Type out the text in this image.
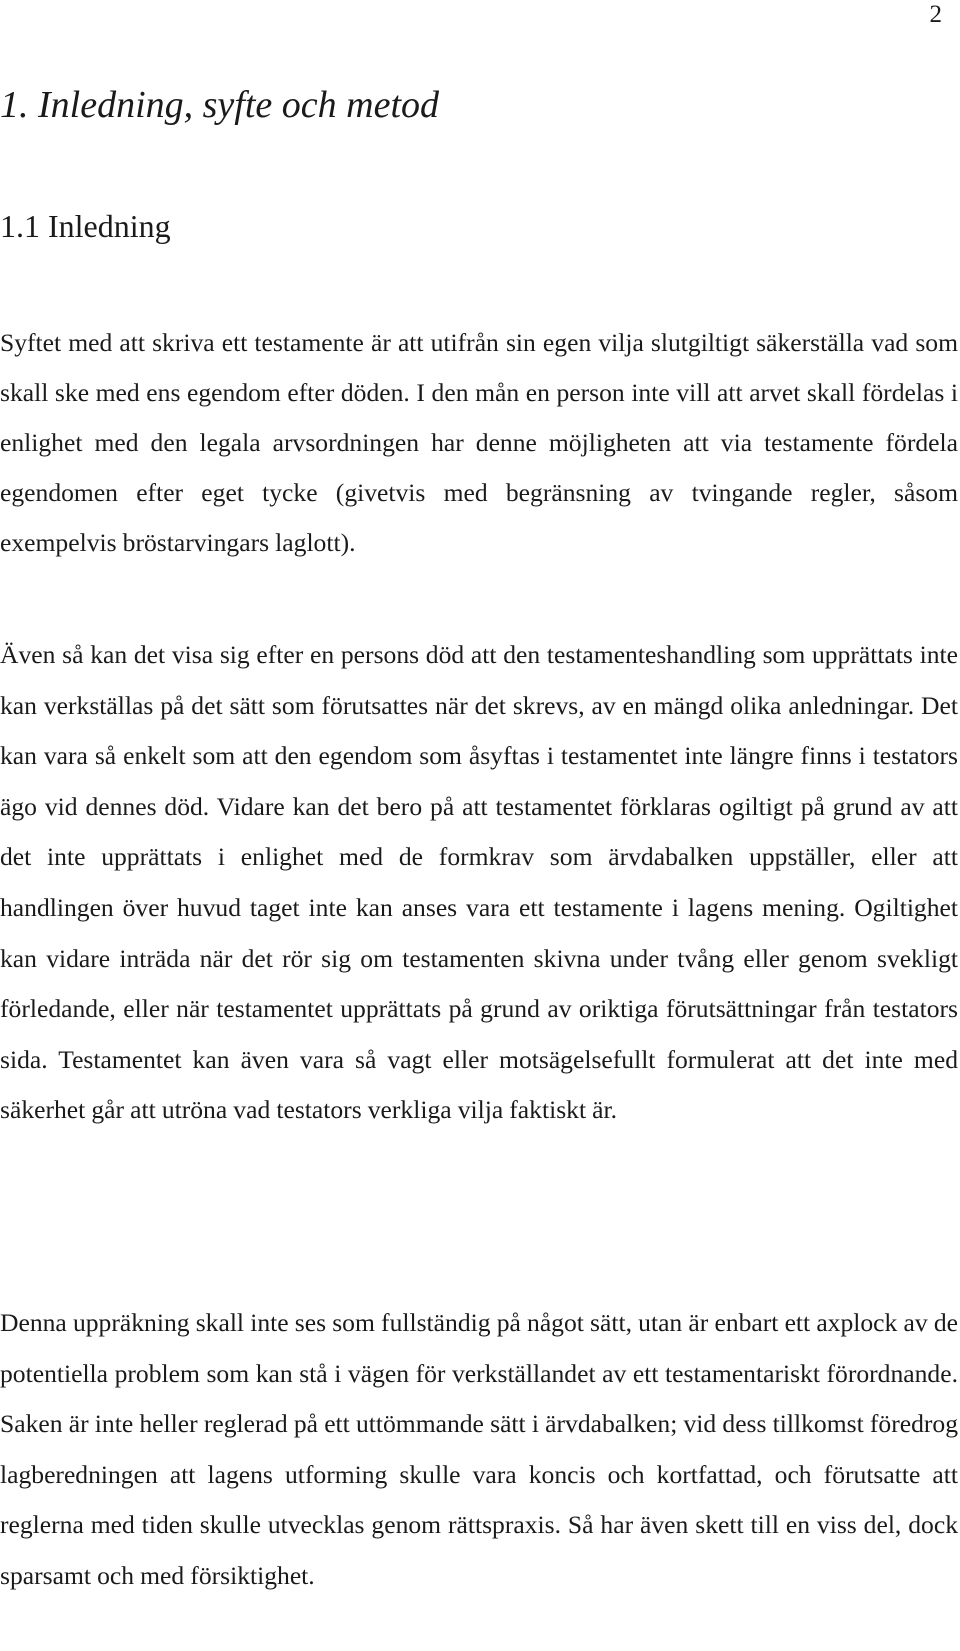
2
1. Inledning, syfte och metod
1.1 Inledning

Syftet med att skriva ett testamente är att utifrån sin egen vilja slutgiltigt säkerställa vad som skall ske med ens egendom efter döden. I den mån en person inte vill att arvet skall fördelas i enlighet med den legala arvsordningen har denne möjligheten att via testamente fördela egendomen efter eget tycke (givetvis med begränsning av tvingande regler, såsom exempelvis bröstarvingars laglott).

Även så kan det visa sig efter en persons död att den testamenteshandling som upprättats inte kan verkställas på det sätt som förutsattes när det skrevs, av en mängd olika anledningar. Det kan vara så enkelt som att den egendom som åsyftas i testamentet inte längre finns i testators ägo vid dennes död. Vidare kan det bero på att testamentet förklaras ogiltigt på grund av att det inte upprättats i enlighet med de formkrav som ärvdabalken uppställer, eller att handlingen över huvud taget inte kan anses vara ett testamente i lagens mening. Ogiltighet kan vidare inträda när det rör sig om testamenten skivna under tvång eller genom svekligt förledande, eller när testamentet upprättats på grund av oriktiga förutsättningar från testators sida. Testamentet kan även vara så vagt eller motsägelsefullt formulerat att det inte med säkerhet går att utröna vad testators verkliga vilja faktiskt är.

Denna uppräkning skall inte ses som fullständig på något sätt, utan är enbart ett axplock av de potentiella problem som kan stå i vägen för verkställandet av ett testamentariskt förordnande. Saken är inte heller reglerad på ett uttömmande sätt i ärvdabalken; vid dess tillkomst föredrog lagberedningen att lagens utforming skulle vara koncis och kortfattad, och förutsatte att reglerna med tiden skulle utvecklas genom rättspraxis. Så har även skett till en viss del, dock sparsamt och med försiktighet.
